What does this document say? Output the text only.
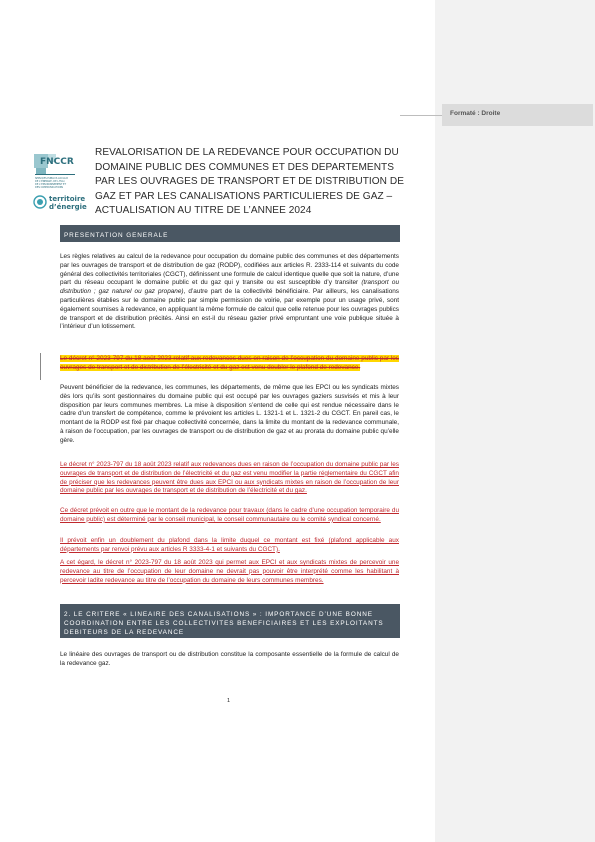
FNCCR
SERVICES PUBLICS LOCAUX
DE L’ÉNERGIE, DE L’EAU,
DE L’ENVIRONNEMENT ET
DES COMMUNICATIONS
territoire
d’énergie
REVALORISATION DE LA REDEVANCE POUR OCCUPATION DU DOMAINE PUBLIC DES COMMUNES ET DES DEPARTEMENTS PAR LES OUVRAGES DE TRANSPORT ET DE DISTRIBUTION DE GAZ ET PAR LES CANALISATIONS PARTICULIERES DE GAZ – ACTUALISATION AU TITRE DE L’ANNEE 2024
PRESENTATION GENERALE
Les règles relatives au calcul de la redevance pour occupation du domaine public des communes et des départements par les ouvrages de transport et de distribution de gaz (RODP), codifiées aux articles R. 2333-114 et suivants du code général des collectivités territoriales (CGCT), définissent une formule de calcul identique quelle que soit la nature, d’une part du réseau occupant le domaine public et du gaz qui y transite ou est susceptible d’y transiter (transport ou distribution ; gaz naturel ou gaz propane), d’autre part de la collectivité bénéficiaire. Par ailleurs, les canalisations particulières établies sur le domaine public par simple permission de voirie, par exemple pour un usage privé, sont également soumises à redevance, en appliquant la même formule de calcul que celle retenue pour les ouvrages publics de transport et de distribution précités. Ainsi en est-il du réseau gazier privé empruntant une voie publique située à l’intérieur d’un lotissement.
Le décret n° 2023-797 du 18 août 2023 relatif aux redevances dues en raison de l’occupation du domaine public par les ouvrages de transport et de distribution de l’électricité et du gaz est venu doubler le plafond de redevance.
Peuvent bénéficier de la redevance, les communes, les départements, de même que les EPCI ou les syndicats mixtes dès lors qu’ils sont gestionnaires du domaine public qui est occupé par les ouvrages gaziers susvisés et mis à leur disposition par leurs communes membres. La mise à disposition s’entend de celle qui est rendue nécessaire dans le cadre d’un transfert de compétence, comme le prévoient les articles L. 1321-1 et L. 1321-2 du CGCT. En pareil cas, le montant de la RODP est fixé par chaque collectivité concernée, dans la limite du montant de la redevance communale, à raison de l’occupation, par les ouvrages de transport ou de distribution de gaz et au prorata du domaine public qu’elle gère.
Le décret n° 2023-797 du 18 août 2023 relatif aux redevances dues en raison de l’occupation du domaine public par les ouvrages de transport et de distribution de l’électricité et du gaz est venu modifier la partie réglementaire du CGCT afin de préciser que les redevances peuvent être dues aux EPCI ou aux syndicats mixtes en raison de l’occupation de leur domaine public par les ouvrages de transport et de distribution de l’électricité et du gaz.
Ce décret prévoit en outre que le montant de la redevance pour travaux (dans le cadre d’une occupation temporaire du domaine public) est déterminé par le conseil municipal, le conseil communautaire ou le comité syndical concerné.
Il prévoit enfin un doublement du plafond dans la limite duquel ce montant est fixé (plafond applicable aux départements par renvoi prévu aux articles R 3333-4-1 et suivants du CGCT).
A cet égard, le décret n° 2023-797 du 18 août 2023 qui permet aux EPCI et aux syndicats mixtes de percevoir une redevance au titre de l’occupation de leur domaine ne devrait pas pouvoir être interprété comme les habilitant à percevoir ladite redevance au titre de l’occupation du domaine de leurs communes membres.
2. LE CRITERE « LINEAIRE DES CANALISATIONS » : IMPORTANCE D’UNE BONNE COORDINATION ENTRE LES COLLECTIVITES BENEFICIAIRES ET LES EXPLOITANTS DEBITEURS DE LA REDEVANCE
Le linéaire des ouvrages de transport ou de distribution constitue la composante essentielle de la formule de calcul de la redevance gaz.
1
Formaté : Droite
